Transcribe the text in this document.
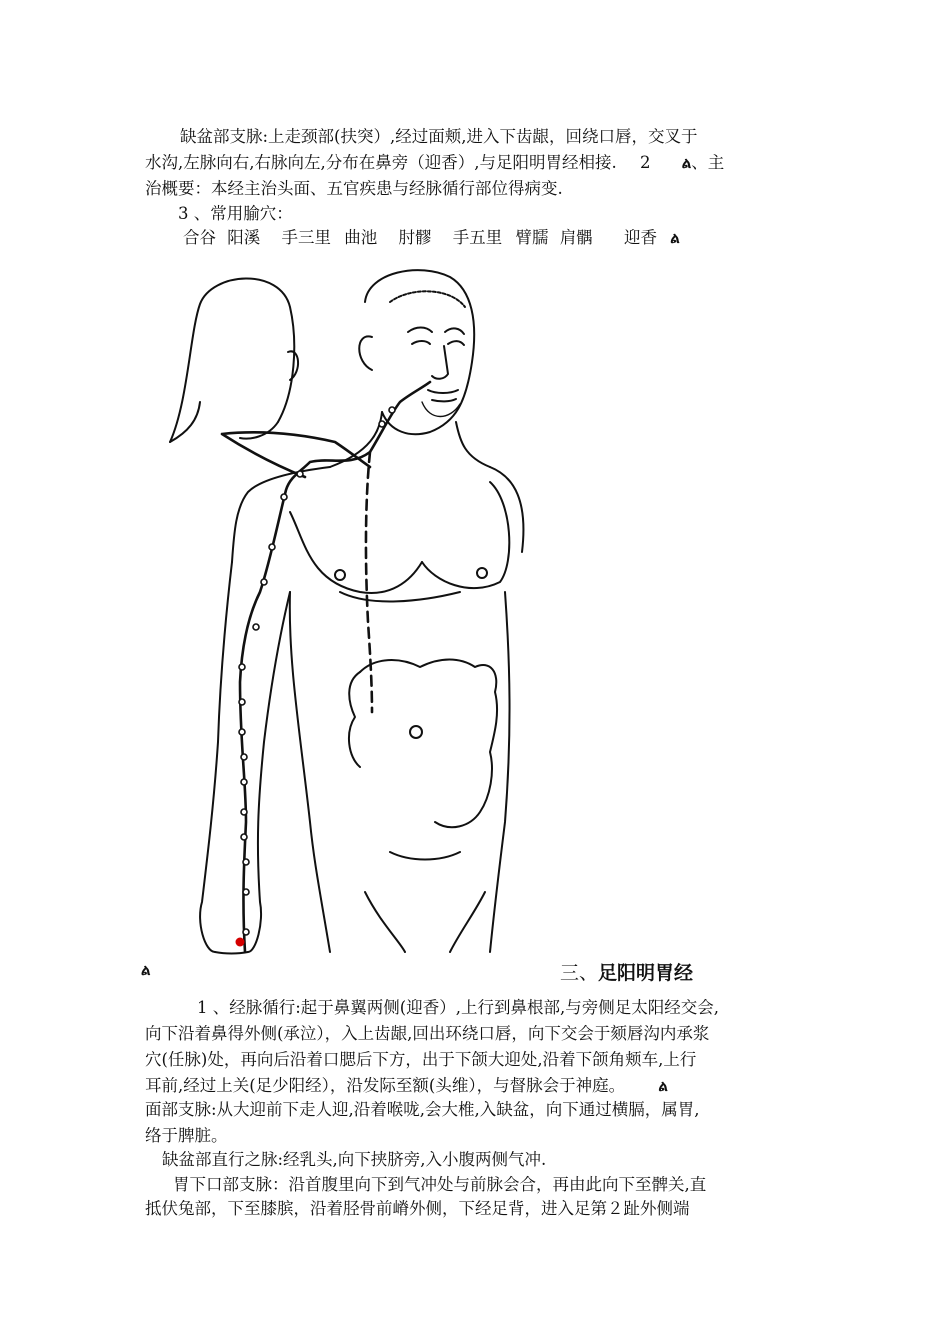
缺盆部支脉:上走颈部(扶突）,经过面颊,进入下齿龈，回绕口唇，交叉于
水沟,左脉向右,右脉向左,分布在鼻旁（迎香）,与足阳明胃经相接. 2 ል、主
治概要：本经主治头面、五官疾患与经脉循行部位得病变.
3 、常用腧穴：
合谷 阳溪 手三里 曲池 肘髎 手五里 臂臑 肩髃 迎香 ል
ል	三、足阳明胃经
1 、经脉循行:起于鼻翼两侧(迎香）,上行到鼻根部,与旁侧足太阳经交会,
向下沿着鼻得外侧(承泣），入上齿龈,回出环绕口唇，向下交会于颏唇沟内承浆
穴(任脉)处，再向后沿着口腮后下方，出于下颌大迎处,沿着下颌角颊车,上行
耳前,经过上关(足少阳经），沿发际至额(头维），与督脉会于神庭。 ል
面部支脉:从大迎前下走人迎,沿着喉咙,会大椎,入缺盆，向下通过横膈，属胃,
络于脾脏。
缺盆部直行之脉:经乳头,向下挟脐旁,入小腹两侧气冲.
胃下口部支脉：沿首腹里向下到气冲处与前脉会合，再由此向下至髀关,直
抵伏兔部，下至膝膑，沿着胫骨前嵴外侧，下经足背，进入足第２趾外侧端
